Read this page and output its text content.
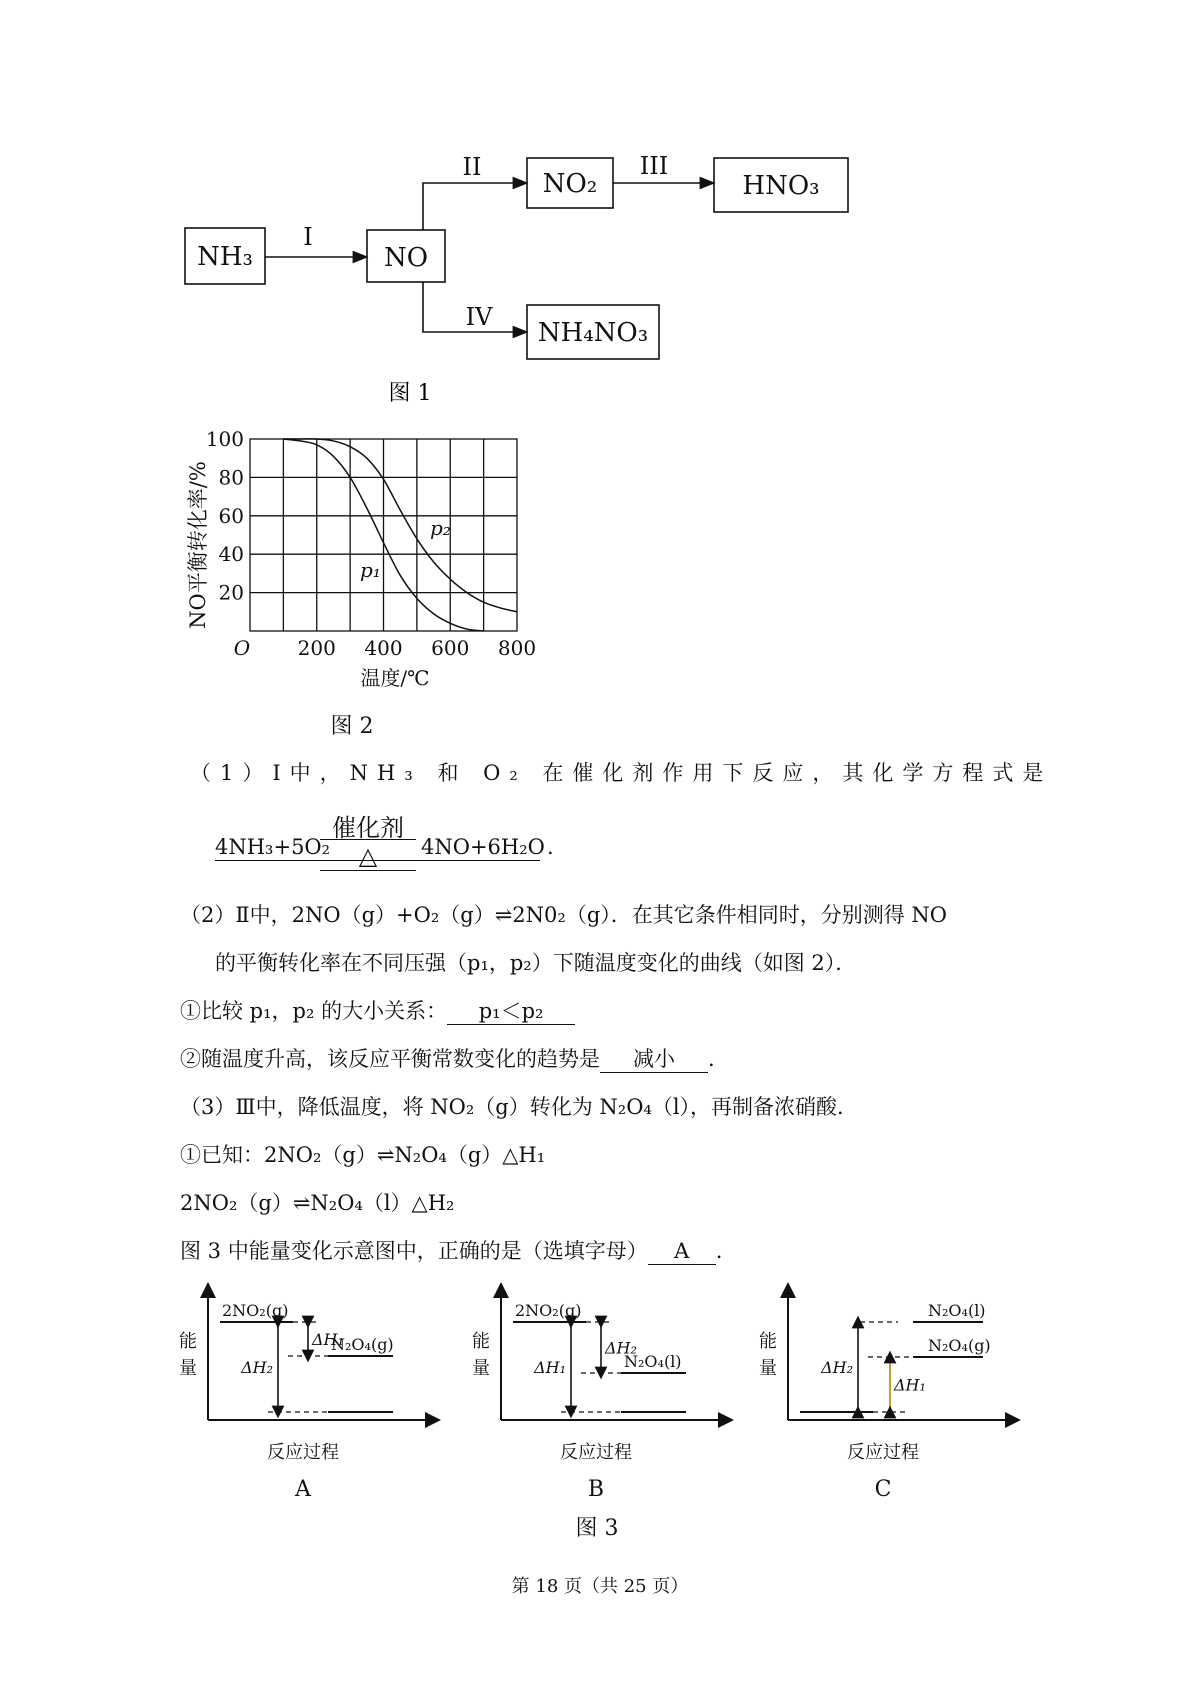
NH₃	NO
NO₂	HNO₃
NH₄NO₃
I
II	III
IV
图 1
200 400 600 800
20
40
60
80
100
NO平衡转化率/%
温度/℃
O
p₁
p₂
图 2
（1）Ⅰ中，NH₃ 和 O₂ 在催化剂作用下反应，其化学方程式是
4NH₃+5O₂
催化剂
△	4NO+6H₂O .
（2）Ⅱ中，2NO（g）+O₂（g）⇌2N0₂（g）．在其它条件相同时，分别测得 NO
的平衡转化率在不同压强（p₁，p₂）下随温度变化的曲线（如图 2）．
①比较 p₁，p₂ 的大小关系： p₁＜p₂
②随温度升高，该反应平衡常数变化的趋势是 减小 .
（3）Ⅲ中，降低温度，将 NO₂（g）转化为 N₂O₄（l），再制备浓硝酸．
①已知：2NO₂（g）⇌N₂O₄（g）△H₁
2NO₂（g）⇌N₂O₄（l）△H₂
图 3 中能量变化示意图中，正确的是（选填字母） A .
能
量
反应过程
A
2NO₂(g)
N₂O₄(g)
ΔH₂
ΔH₁	能
量
反应过程
B
2NO₂(g)
N₂O₄(l)
ΔH₁
ΔH₂	能
量
反应过程
C
N₂O₄(l)
N₂O₄(g)
ΔH₂
ΔH₁
图 3
第 18 页（共 25 页）
